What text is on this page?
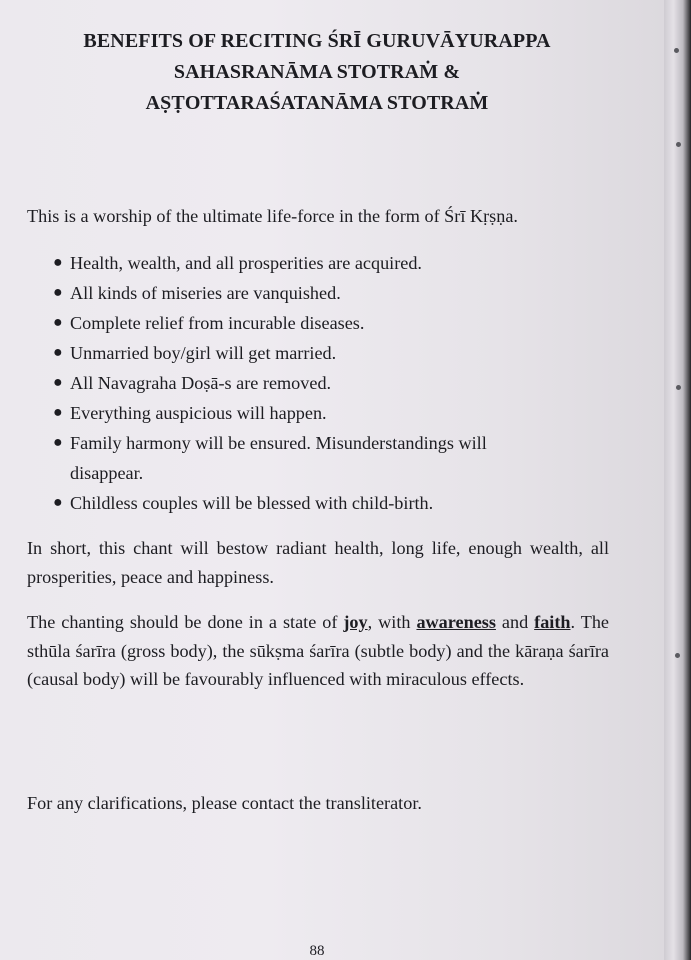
BENEFITS OF RECITING ŚRĪ GURUVĀYURAPPA
SAHASRANĀMA STOTRAṀ &
AṢṬOTTARAŚATANĀMA STOTRAṀ

This is a worship of the ultimate life-force in the form of Śrī Kṛṣṇa.

● Health, wealth, and all prosperities are acquired.
● All kinds of miseries are vanquished.
● Complete relief from incurable diseases.
● Unmarried boy/girl will get married.
● All Navagraha Doṣā-s are removed.
● Everything auspicious will happen.
● Family harmony will be ensured. Misunderstandings will
disappear.
● Childless couples will be blessed with child-birth.

In short, this chant will bestow radiant health, long life, enough wealth, all prosperities, peace and happiness.

The chanting should be done in a state of joy, with awareness and faith. The sthūla śarīra (gross body), the sūkṣma śarīra (subtle body) and the kāraṇa śarīra (causal body) will be favourably influenced with miraculous effects.

For any clarifications, please contact the transliterator.

88
